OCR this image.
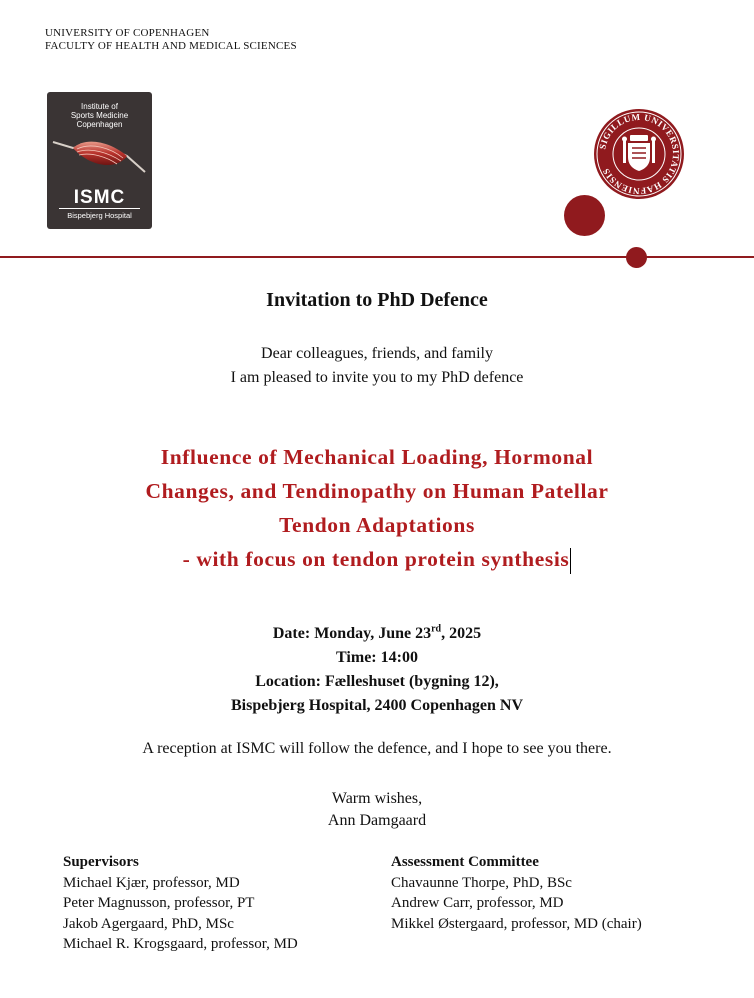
UNIVERSITY OF COPENHAGEN
FACULTY OF HEALTH AND MEDICAL SCIENCES
Institute of
Sports Medicine
Copenhagen
ISMC
Bispebjerg Hospital
SIGILLUM UNIVERSITATIS HAFNIENSIS
Invitation to PhD Defence
Dear colleagues, friends, and family
I am pleased to invite you to my PhD defence
Influence of Mechanical Loading, Hormonal
Changes, and Tendinopathy on Human Patellar
Tendon Adaptations
- with focus on tendon protein synthesis
Date: Monday, June 23rd, 2025
Time: 14:00
Location: Fælleshuset (bygning 12),
Bispebjerg Hospital, 2400 Copenhagen NV
A reception at ISMC will follow the defence, and I hope to see you there.
Warm wishes,
Ann Damgaard
Supervisors
Michael Kjær, professor, MD
Peter Magnusson, professor, PT
Jakob Agergaard, PhD, MSc
Michael R. Krogsgaard, professor, MD
Assessment Committee
Chavaunne Thorpe, PhD, BSc
Andrew Carr, professor, MD
Mikkel Østergaard, professor, MD (chair)
